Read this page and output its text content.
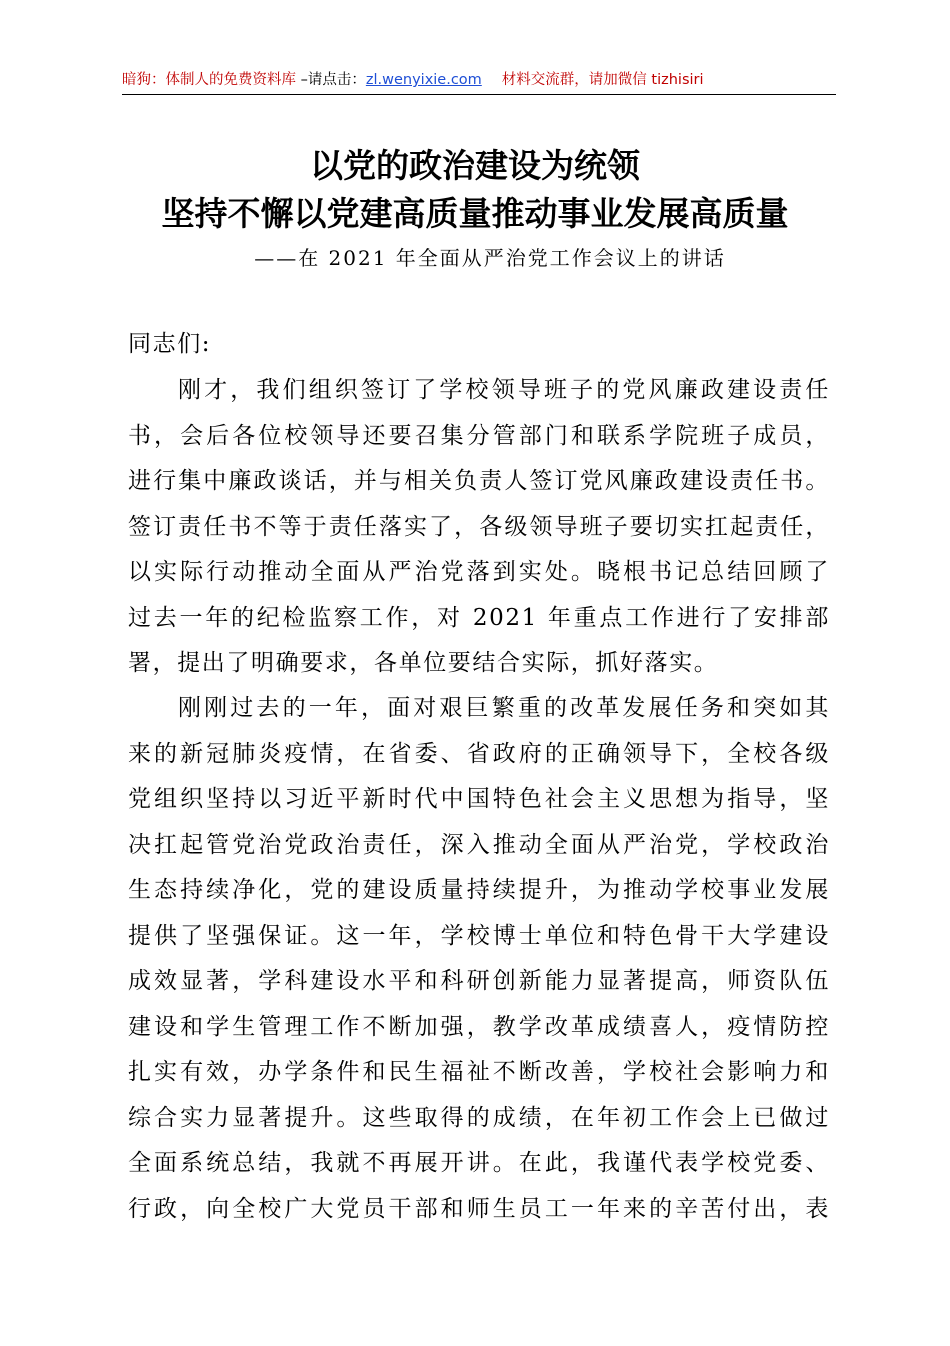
暗狗：体制人的免费资料库 –请点击：zl.wenyixie.com 材料交流群，请加微信 tizhisiri
以党的政治建设为统领
坚持不懈以党建高质量推动事业发展高质量
——在 2021 年全面从严治党工作会议上的讲话
同志们:
刚才，我们组织签订了学校领导班子的党风廉政建设责任
书，会后各位校领导还要召集分管部门和联系学院班子成员，
进行集中廉政谈话，并与相关负责人签订党风廉政建设责任书。
签订责任书不等于责任落实了，各级领导班子要切实扛起责任，
以实际行动推动全面从严治党落到实处。晓根书记总结回顾了
过去一年的纪检监察工作，对 2021 年重点工作进行了安排部
署，提出了明确要求，各单位要结合实际，抓好落实。
刚刚过去的一年，面对艰巨繁重的改革发展任务和突如其
来的新冠肺炎疫情，在省委、省政府的正确领导下，全校各级
党组织坚持以习近平新时代中国特色社会主义思想为指导，坚
决扛起管党治党政治责任，深入推动全面从严治党，学校政治
生态持续净化，党的建设质量持续提升，为推动学校事业发展
提供了坚强保证。这一年，学校博士单位和特色骨干大学建设
成效显著，学科建设水平和科研创新能力显著提高，师资队伍
建设和学生管理工作不断加强，教学改革成绩喜人，疫情防控
扎实有效，办学条件和民生福祉不断改善，学校社会影响力和
综合实力显著提升。这些取得的成绩，在年初工作会上已做过
全面系统总结，我就不再展开讲。在此，我谨代表学校党委、
行政，向全校广大党员干部和师生员工一年来的辛苦付出，表
